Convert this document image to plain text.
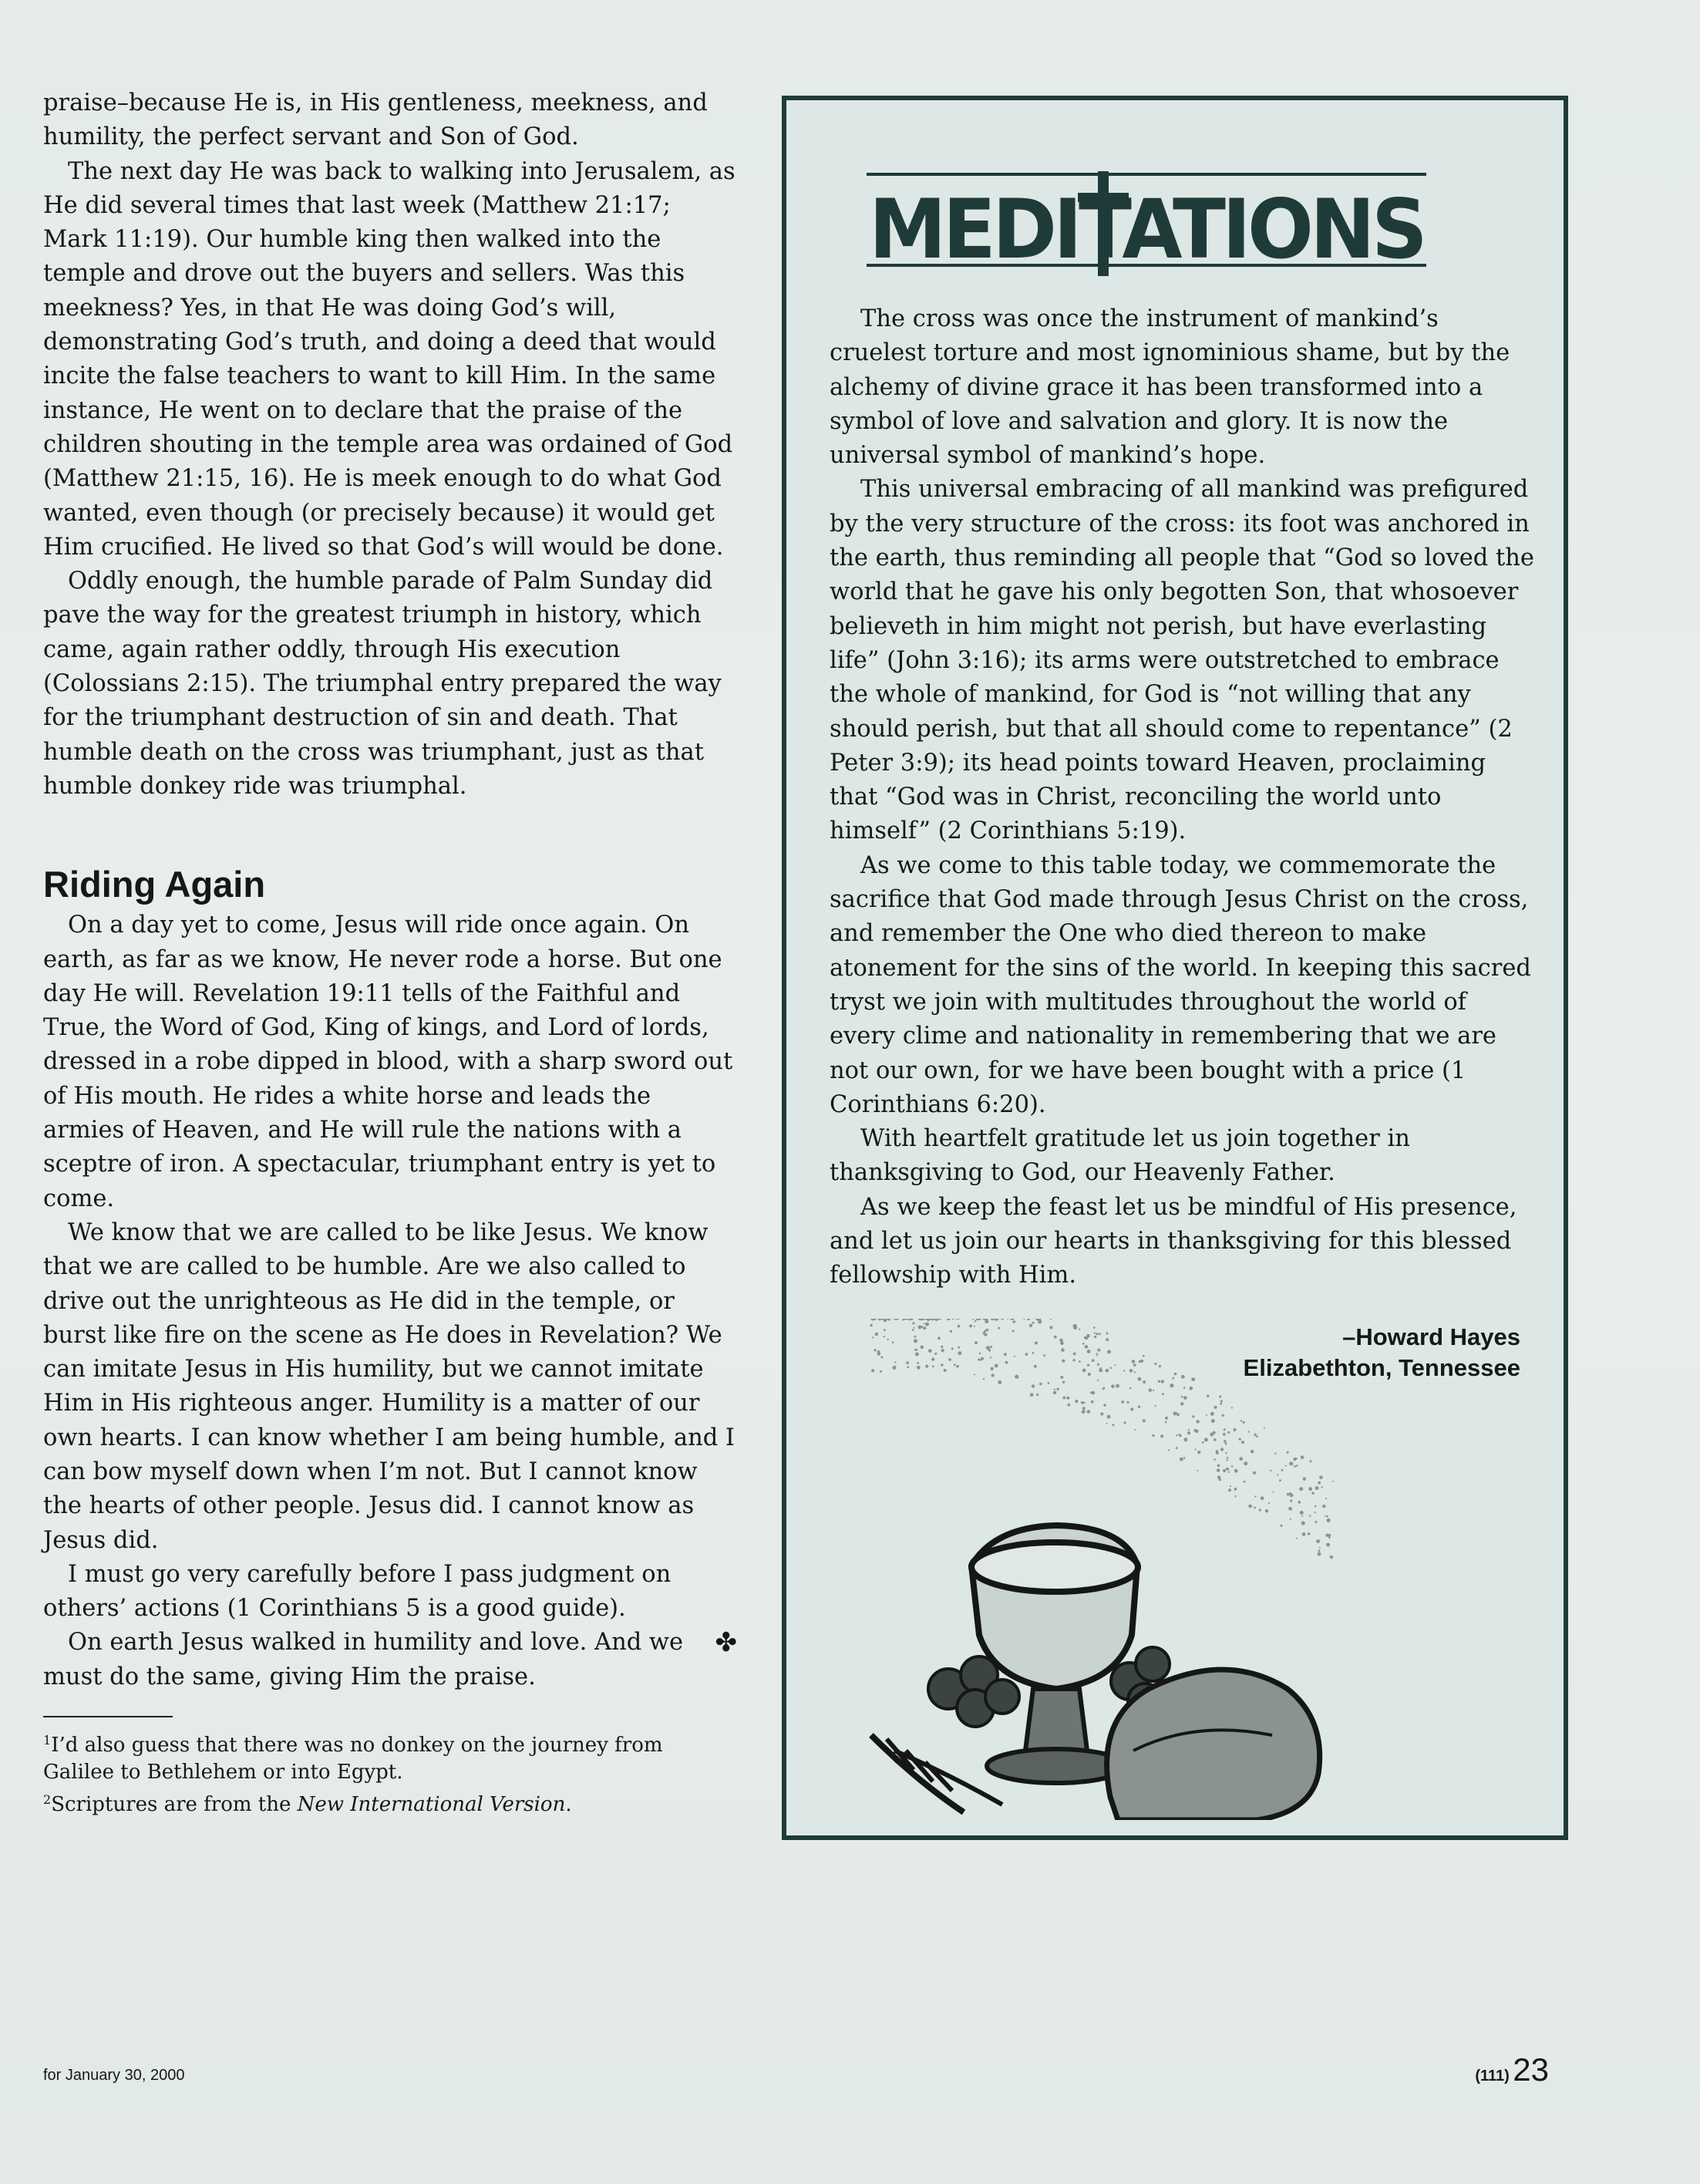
praise–because He is, in His gentleness, meekness, and humility, the perfect servant and Son of God.

The next day He was back to walking into Jerusalem, as He did several times that last week (Matthew 21:17; Mark 11:19). Our humble king then walked into the temple and drove out the buyers and sellers. Was this meekness? Yes, in that He was doing God’s will, demonstrating God’s truth, and doing a deed that would incite the false teachers to want to kill Him. In the same instance, He went on to declare that the praise of the children shouting in the temple area was ordained of God (Matthew 21:15, 16). He is meek enough to do what God wanted, even though (or precisely because) it would get Him crucified. He lived so that God’s will would be done.

Oddly enough, the humble parade of Palm Sunday did pave the way for the greatest triumph in history, which came, again rather oddly, through His execution (Colossians 2:15). The triumphal entry prepared the way for the triumphant destruction of sin and death. That humble death on the cross was triumphant, just as that humble donkey ride was triumphal.

Riding Again

On a day yet to come, Jesus will ride once again. On earth, as far as we know, He never rode a horse. But one day He will. Revelation 19:11 tells of the Faithful and True, the Word of God, King of kings, and Lord of lords, dressed in a robe dipped in blood, with a sharp sword out of His mouth. He rides a white horse and leads the armies of Heaven, and He will rule the nations with a sceptre of iron. A spectacular, triumphant entry is yet to come.

We know that we are called to be like Jesus. We know that we are called to be humble. Are we also called to drive out the unrighteous as He did in the temple, or burst like fire on the scene as He does in Revelation? We can imitate Jesus in His humility, but we cannot imitate Him in His righteous anger. Humility is a matter of our own hearts. I can know whether I am being humble, and I can bow myself down when I’m not. But I cannot know the hearts of other people. Jesus did. I cannot know as Jesus did.

I must go very carefully before I pass judgment on others’ actions (1 Corinthians 5 is a good guide).

✤
On earth Jesus walked in humility and love. And we must do the same, giving Him the praise.

$^1$I’d also guess that there was no donkey on the journey from Galilee to Bethlehem or into Egypt.

$^2$Scriptures are from the New International Version.

MEDITATIONS

The cross was once the instrument of mankind’s cruelest torture and most ignominious shame, but by the alchemy of divine grace it has been transformed into a symbol of love and salvation and glory. It is now the universal symbol of mankind’s hope.

This universal embracing of all mankind was prefigured by the very structure of the cross: its foot was anchored in the earth, thus reminding all people that “God so loved the world that he gave his only begotten Son, that whosoever believeth in him might not perish, but have everlasting life” (John 3:16); its arms were outstretched to embrace the whole of mankind, for God is “not willing that any should perish, but that all should come to repentance” (2 Peter 3:9); its head points toward Heaven, proclaiming that “God was in Christ, reconciling the world unto himself” (2 Corinthians 5:19).

As we come to this table today, we commemorate the sacrifice that God made through Jesus Christ on the cross, and remember the One who died thereon to make atonement for the sins of the world. In keeping this sacred tryst we join with multitudes throughout the world of every clime and nationality in remembering that we are not our own, for we have been bought with a price (1 Corinthians 6:20).

With heartfelt gratitude let us join together in thanksgiving to God, our Heavenly Father.

As we keep the feast let us be mindful of His presence, and let us join our hearts in thanksgiving for this blessed fellowship with Him.

–Howard Hayes
Elizabethton, Tennessee
for January 30, 2000	(111) 23
